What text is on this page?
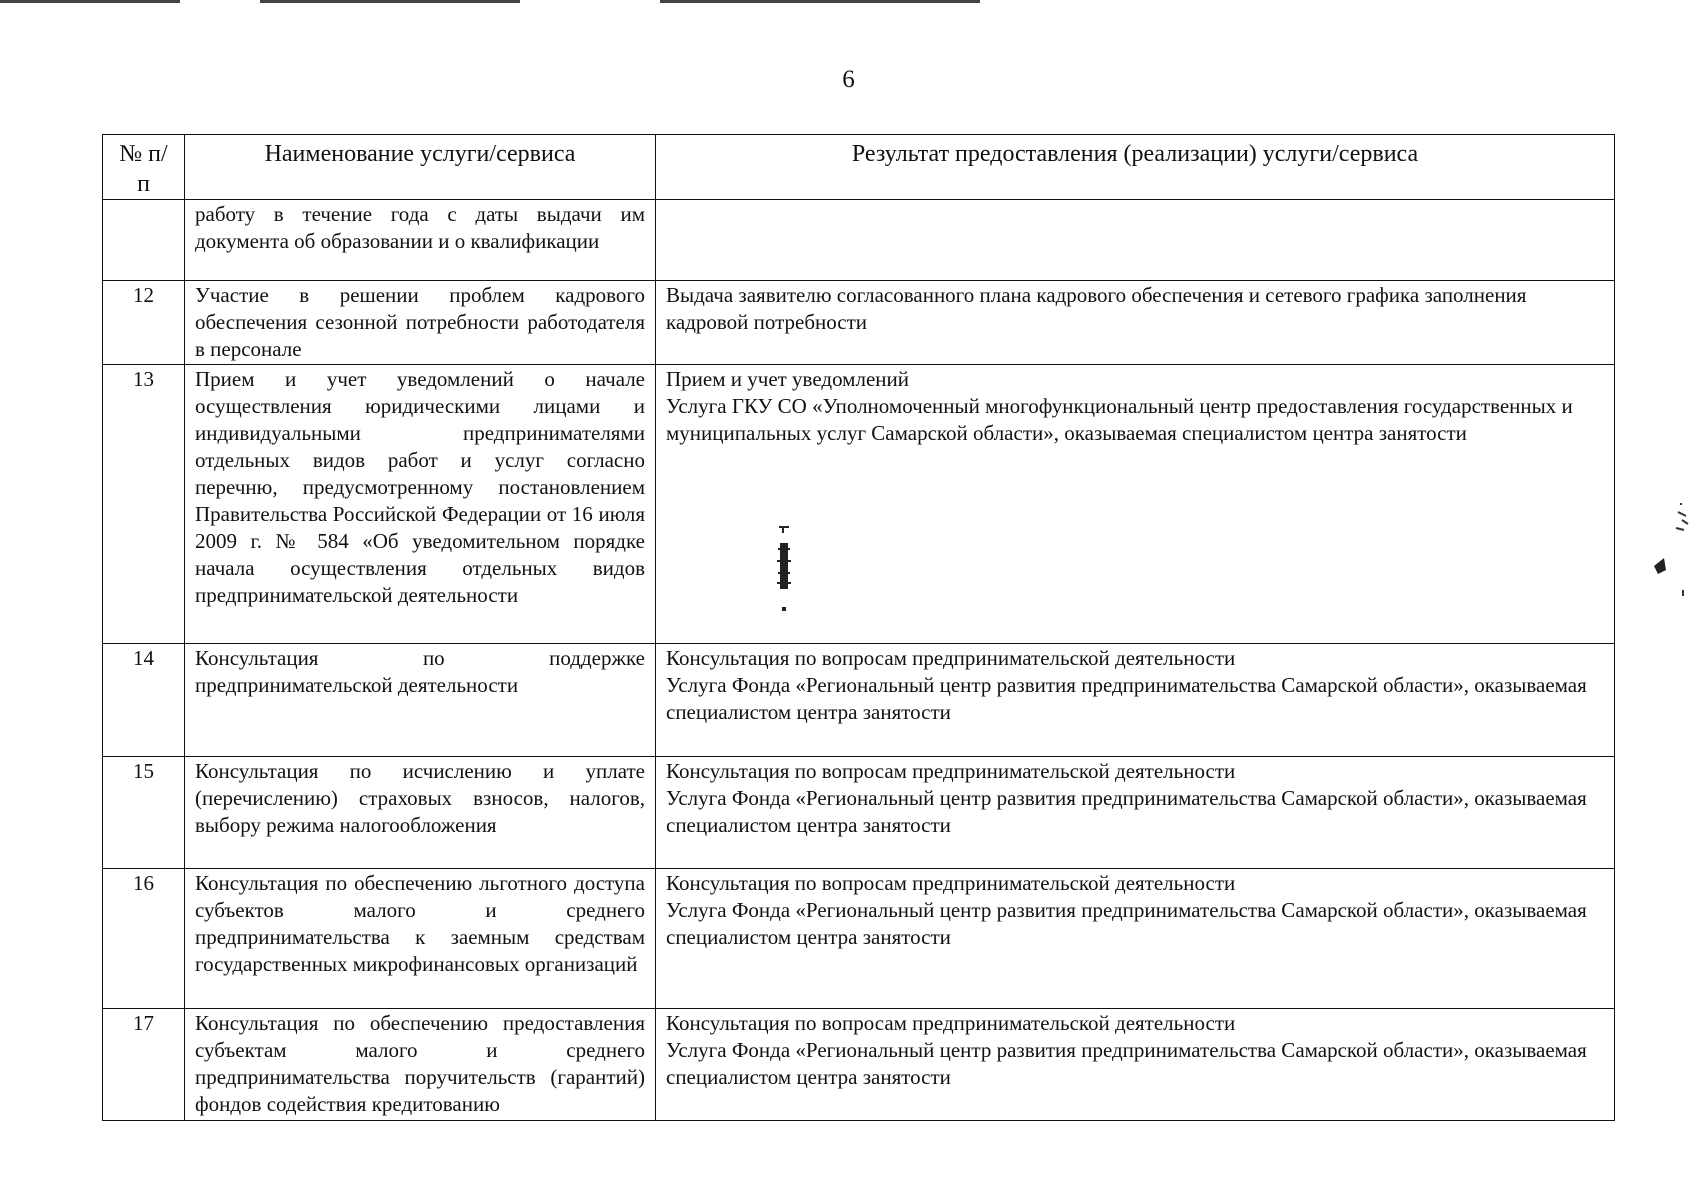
6
№ п/п	Наименование услуги/сервиса	Результат предоставления (реализации) услуги/сервиса
	работу в течение года с даты выдачи им документа об образовании и о квалификации	
12	Участие в решении проблем кадрового обеспечения сезонной потребности работодателя в персонале	Выдача заявителю согласованного плана кадрового обеспечения и сетевого графика заполнения кадровой потребности

13	Прием и учет уведомлений о начале осуществления юридическими лицами и индивидуальными предпринимателями отдельных видов работ и услуг согласно перечню, предусмотренному постановлением Правительства Российской Федерации от 16 июля 2009 г. № 584 «Об уведомительном порядке начала осуществления отдельных видов предпринимательской деятельности	Прием и учет уведомлений
Услуга ГКУ СО «Уполномоченный многофункциональный центр предоставления государственных и муниципальных услуг Самарской области», оказываемая специалистом центра занятости

14	Консультация по поддержке предпринимательской деятельности	Консультация по вопросам предпринимательской деятельности
Услуга Фонда «Региональный центр развития предпринимательства Самарской области», оказываемая специалистом центра занятости

15	Консультация по исчислению и уплате (перечислению) страховых взносов, налогов, выбору режима налогообложения	Консультация по вопросам предпринимательской деятельности
Услуга Фонда «Региональный центр развития предпринимательства Самарской области», оказываемая специалистом центра занятости

16	Консультация по обеспечению льготного доступа субъектов малого и среднего предпринимательства к заемным средствам государственных микрофинансовых организаций	Консультация по вопросам предпринимательской деятельности
Услуга Фонда «Региональный центр развития предпринимательства Самарской области», оказываемая специалистом центра занятости

17	Консультация по обеспечению предоставления субъектам малого и среднего предпринимательства поручительств (гарантий) фондов содействия кредитованию	Консультация по вопросам предпринимательской деятельности
Услуга Фонда «Региональный центр развития предпринимательства Самарской области», оказываемая специалистом центра занятости
